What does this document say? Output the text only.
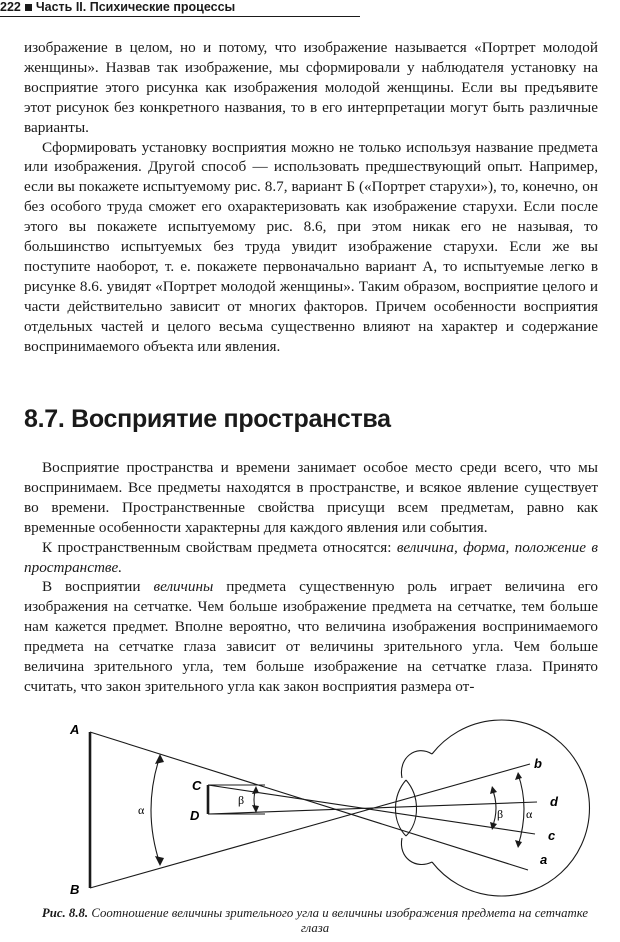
222 Часть II. Психические процессы

изображение в целом, но и потому, что изображение называется «Портрет молодой женщины». Назвав так изображение, мы сформировали у наблюдателя установку на восприятие этого рисунка как изображения молодой женщины. Если вы предъявите этот рисунок без конкретного названия, то в его интерпретации могут быть различные варианты.

Сформировать установку восприятия можно не только используя название предмета или изображения. Другой способ — использовать предшествующий опыт. Например, если вы покажете испытуемому рис. 8.7, вариант Б («Портрет старухи»), то, конечно, он без особого труда сможет его охарактеризовать как изображение старухи. Если после этого вы покажете испытуемому рис. 8.6, при этом никак его не называя, то большинство испытуемых без труда увидит изображение старухи. Если же вы поступите наоборот, т. е. покажете первоначально вариант А, то испытуемые легко в рисунке 8.6. увидят «Портрет молодой женщины». Таким образом, восприятие целого и части действительно зависит от многих факторов. Причем особенности восприятия отдельных частей и целого весьма существенно влияют на характер и содержание воспринимаемого объекта или явления.

8.7. Восприятие пространства

Восприятие пространства и времени занимает особое место среди всего, что мы воспринимаем. Все предметы находятся в пространстве, и всякое явление существует во времени. Пространственные свойства присущи всем предметам, равно как временные особенности характерны для каждого явления или события.

К пространственным свойствам предмета относятся: величина, форма, положение в пространстве.

В восприятии величины предмета существенную роль играет величина его изображения на сетчатке. Чем больше изображение предмета на сетчатке, тем больше нам кажется предмет. Вполне вероятно, что величина изображения воспринимаемого предмета на сетчатке глаза зависит от величины зрительного угла. Чем больше величина зрительного угла, тем больше изображение на сетчатке глаза. Принято считать, что закон зрительного угла как закон восприятия размера от-

A
B
C
D
α
β
β α
b
d
c
a
Рис. 8.8. Соотношение величины зрительного угла и величины изображения предмета на сетчатке глаза
